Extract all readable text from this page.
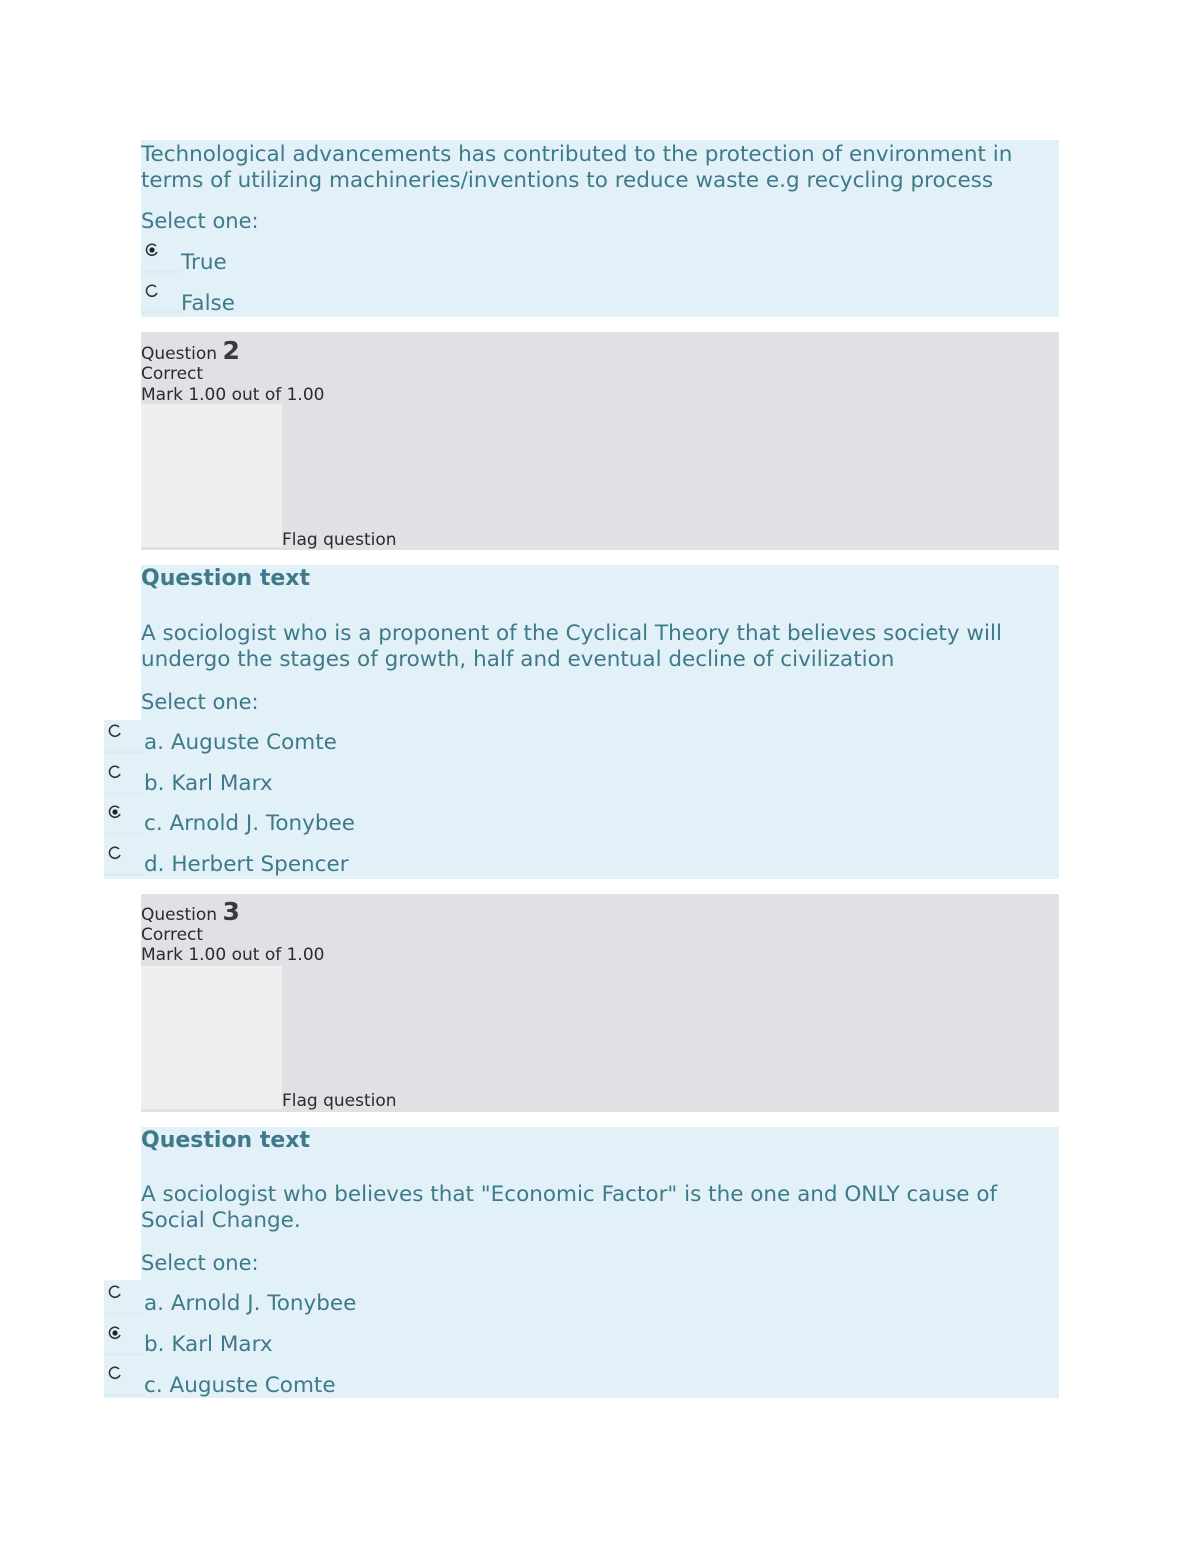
Technological advancements has contributed to the protection of environment in
terms of utilizing machineries/inventions to reduce waste e.g recycling process
Select one:
True
False
Question 2
Correct
Mark 1.00 out of 1.00
Flag question
Question text
A sociologist who is a proponent of the Cyclical Theory that believes society will
undergo the stages of growth, half and eventual decline of civilization
Select one:
a. Auguste Comte
b. Karl Marx
c. Arnold J. Tonybee
d. Herbert Spencer
Question 3
Correct
Mark 1.00 out of 1.00
Flag question
Question text
A sociologist who believes that "Economic Factor" is the one and ONLY cause of
Social Change.
Select one:
a. Arnold J. Tonybee
b. Karl Marx
c. Auguste Comte
